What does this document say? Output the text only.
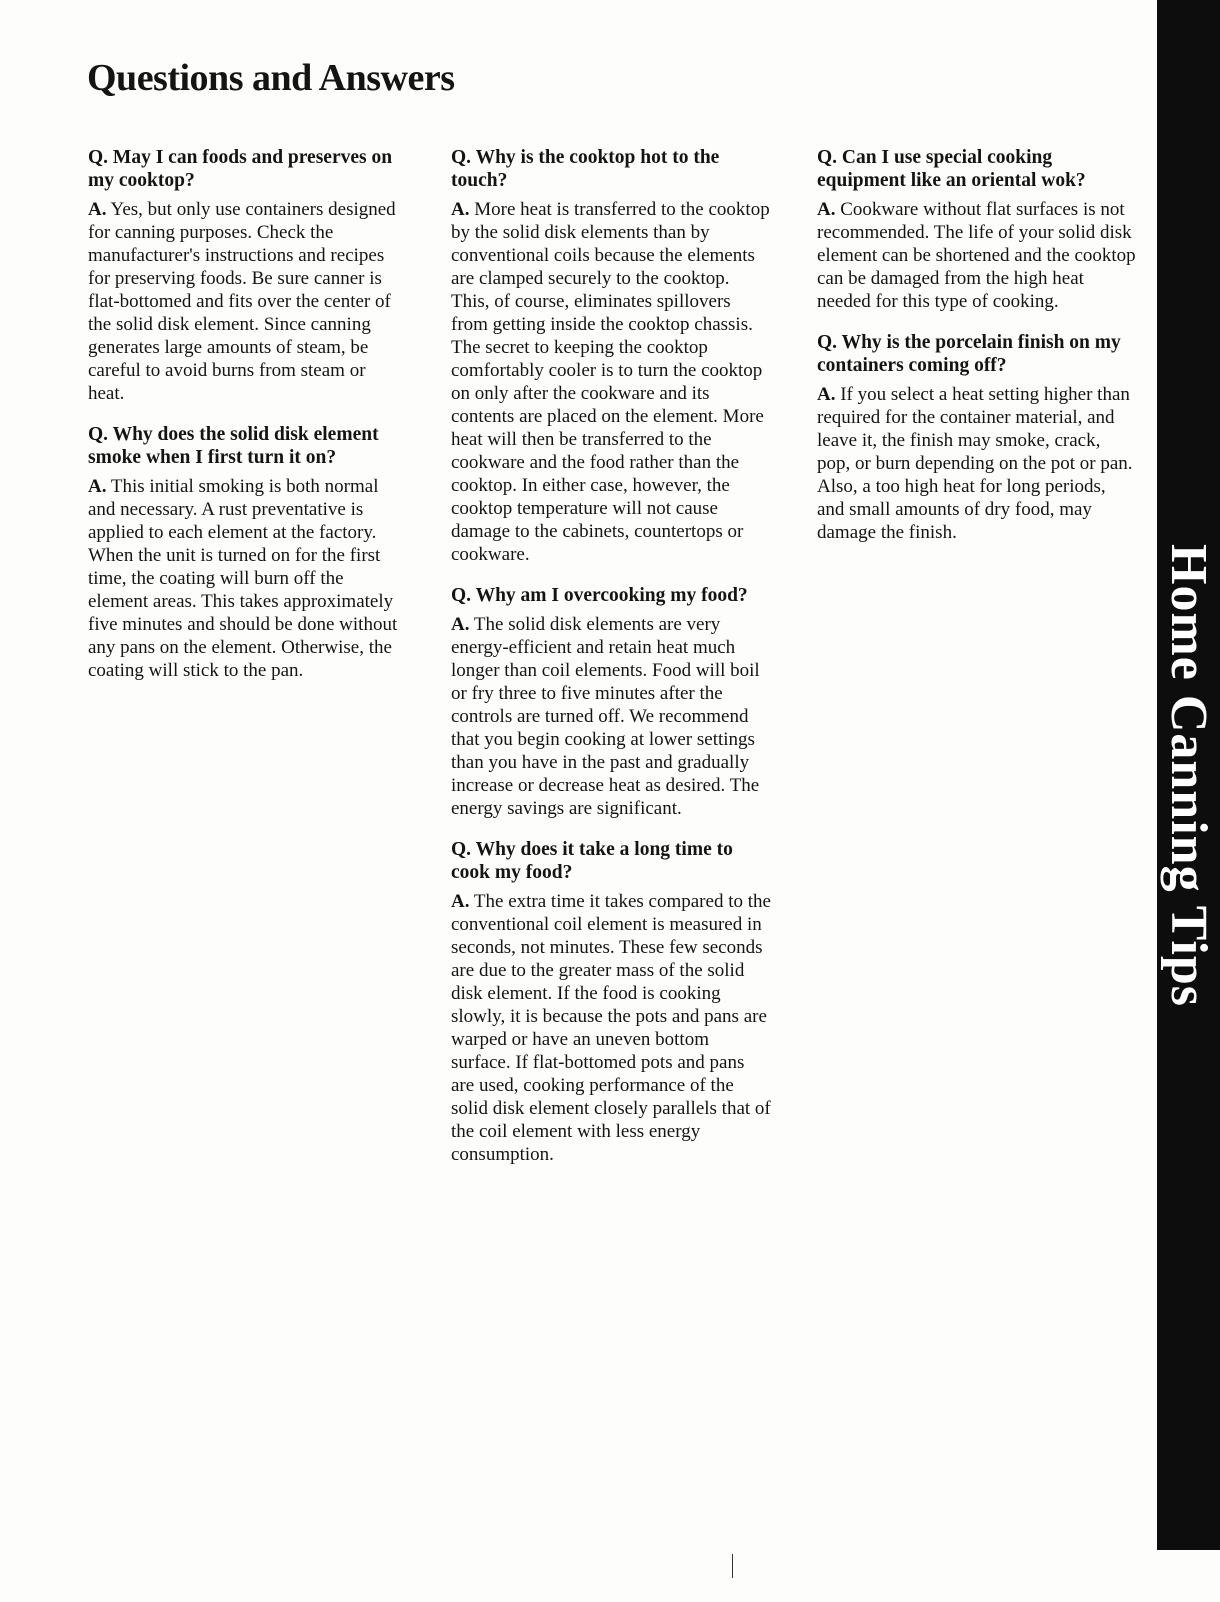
Questions and Answers

Q. May I can foods and preserves on my cooktop?

A. Yes, but only use containers designed for canning purposes. Check the manufacturer's instructions and recipes for preserving foods. Be sure canner is flat-bottomed and fits over the center of the solid disk element. Since canning generates large amounts of steam, be careful to avoid burns from steam or heat.

Q. Why does the solid disk element smoke when I first turn it on?

A. This initial smoking is both normal and necessary. A rust preventative is applied to each element at the factory. When the unit is turned on for the first time, the coating will burn off the element areas. This takes approximately five minutes and should be done without any pans on the element. Otherwise, the coating will stick to the pan.

Q. Why is the cooktop hot to the touch?

A. More heat is transferred to the cooktop by the solid disk elements than by conventional coils because the elements are clamped securely to the cooktop. This, of course, eliminates spillovers from getting inside the cooktop chassis. The secret to keeping the cooktop comfortably cooler is to turn the cooktop on only after the cookware and its contents are placed on the element. More heat will then be transferred to the cookware and the food rather than the cooktop. In either case, however, the cooktop temperature will not cause damage to the cabinets, countertops or cookware.

Q. Why am I overcooking my food?

A. The solid disk elements are very energy-efficient and retain heat much longer than coil elements. Food will boil or fry three to five minutes after the controls are turned off. We recommend that you begin cooking at lower settings than you have in the past and gradually increase or decrease heat as desired. The energy savings are significant.

Q. Why does it take a long time to cook my food?

A. The extra time it takes compared to the conventional coil element is measured in seconds, not minutes. These few seconds are due to the greater mass of the solid disk element. If the food is cooking slowly, it is because the pots and pans are warped or have an uneven bottom surface. If flat-bottomed pots and pans are used, cooking performance of the solid disk element closely parallels that of the coil element with less energy consumption.

Q. Can I use special cooking equipment like an oriental wok?

A. Cookware without flat surfaces is not recommended. The life of your solid disk element can be shortened and the cooktop can be damaged from the high heat needed for this type of cooking.

Q. Why is the porcelain finish on my containers coming off?

A. If you select a heat setting higher than required for the container material, and leave it, the finish may smoke, crack, pop, or burn depending on the pot or pan. Also, a too high heat for long periods, and small amounts of dry food, may damage the finish.

Home Canning Tips
